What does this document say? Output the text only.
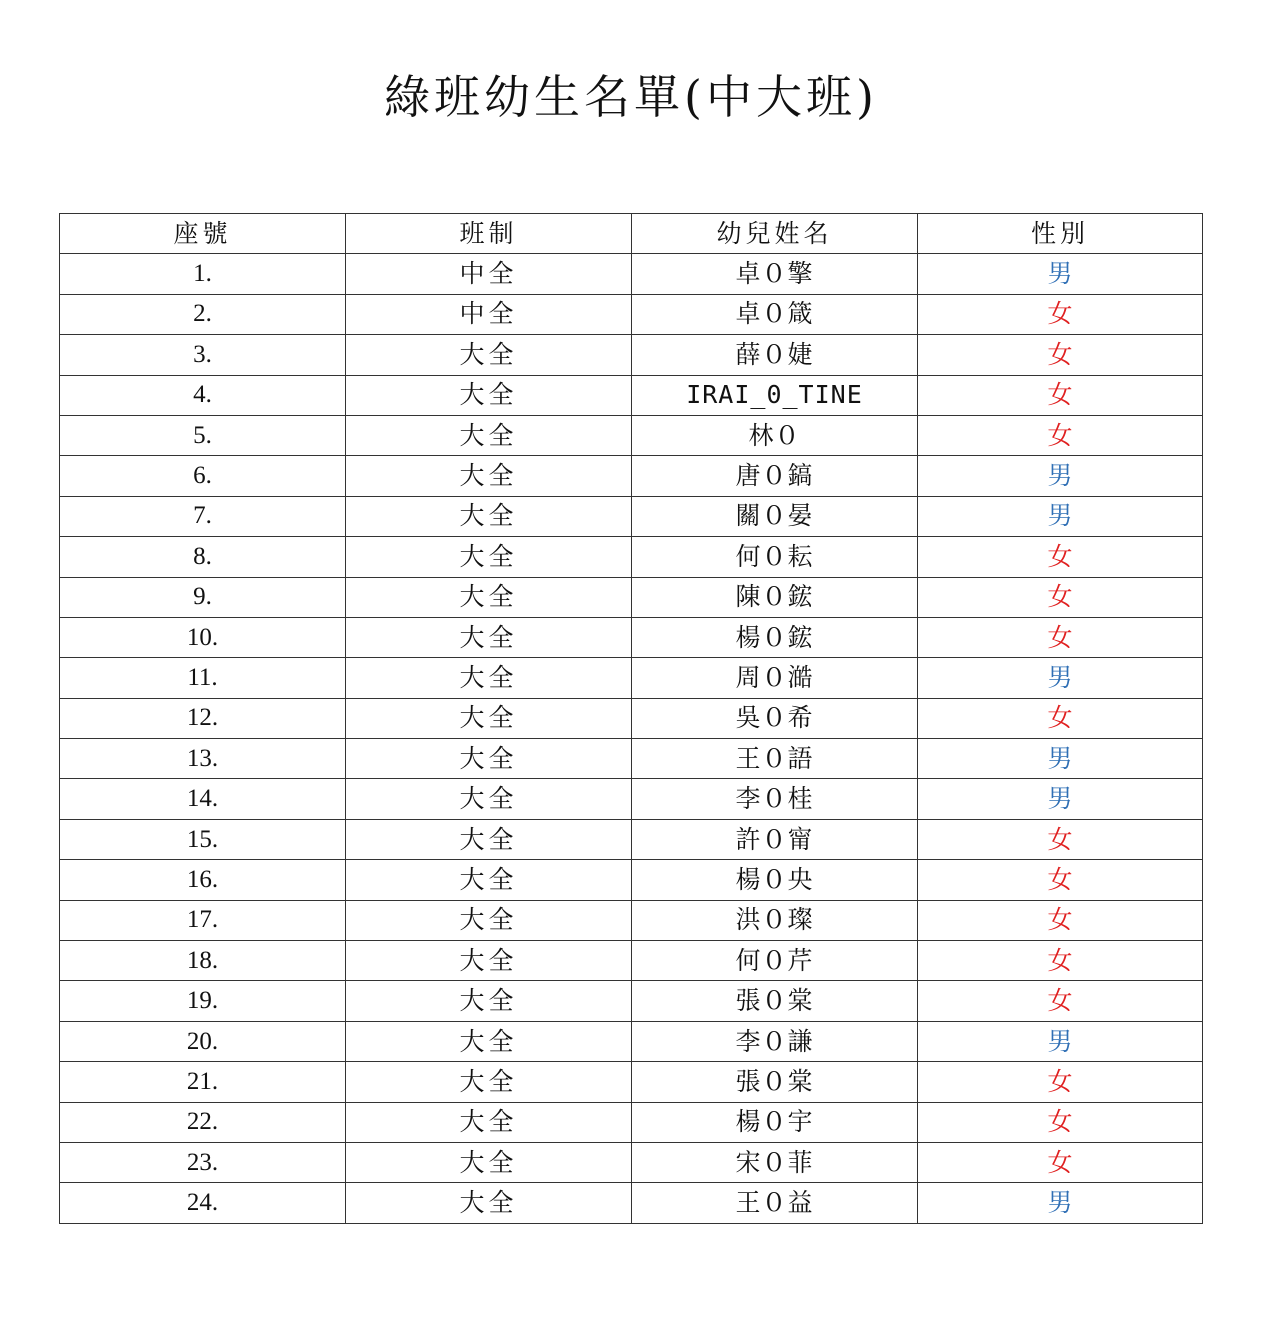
綠班幼生名單(中大班)
座號	班制	幼兒姓名	性別
1.	中全	卓０擎	男
2.	中全	卓０箴	女
3.	大全	薛０婕	女
4.	大全	IRAI_0_TINE	女
5.	大全	林０	女
6.	大全	唐０鎬	男
7.	大全	關０晏	男
8.	大全	何０耘	女
9.	大全	陳０鋐	女
10.	大全	楊０鋐	女
11.	大全	周０澔	男
12.	大全	吳０希	女
13.	大全	王０語	男
14.	大全	李０桂	男
15.	大全	許０甯	女
16.	大全	楊０央	女
17.	大全	洪０璨	女
18.	大全	何０芹	女
19.	大全	張０棠	女
20.	大全	李０謙	男
21.	大全	張０棠	女
22.	大全	楊０宇	女
23.	大全	宋０菲	女
24.	大全	王０益	男
